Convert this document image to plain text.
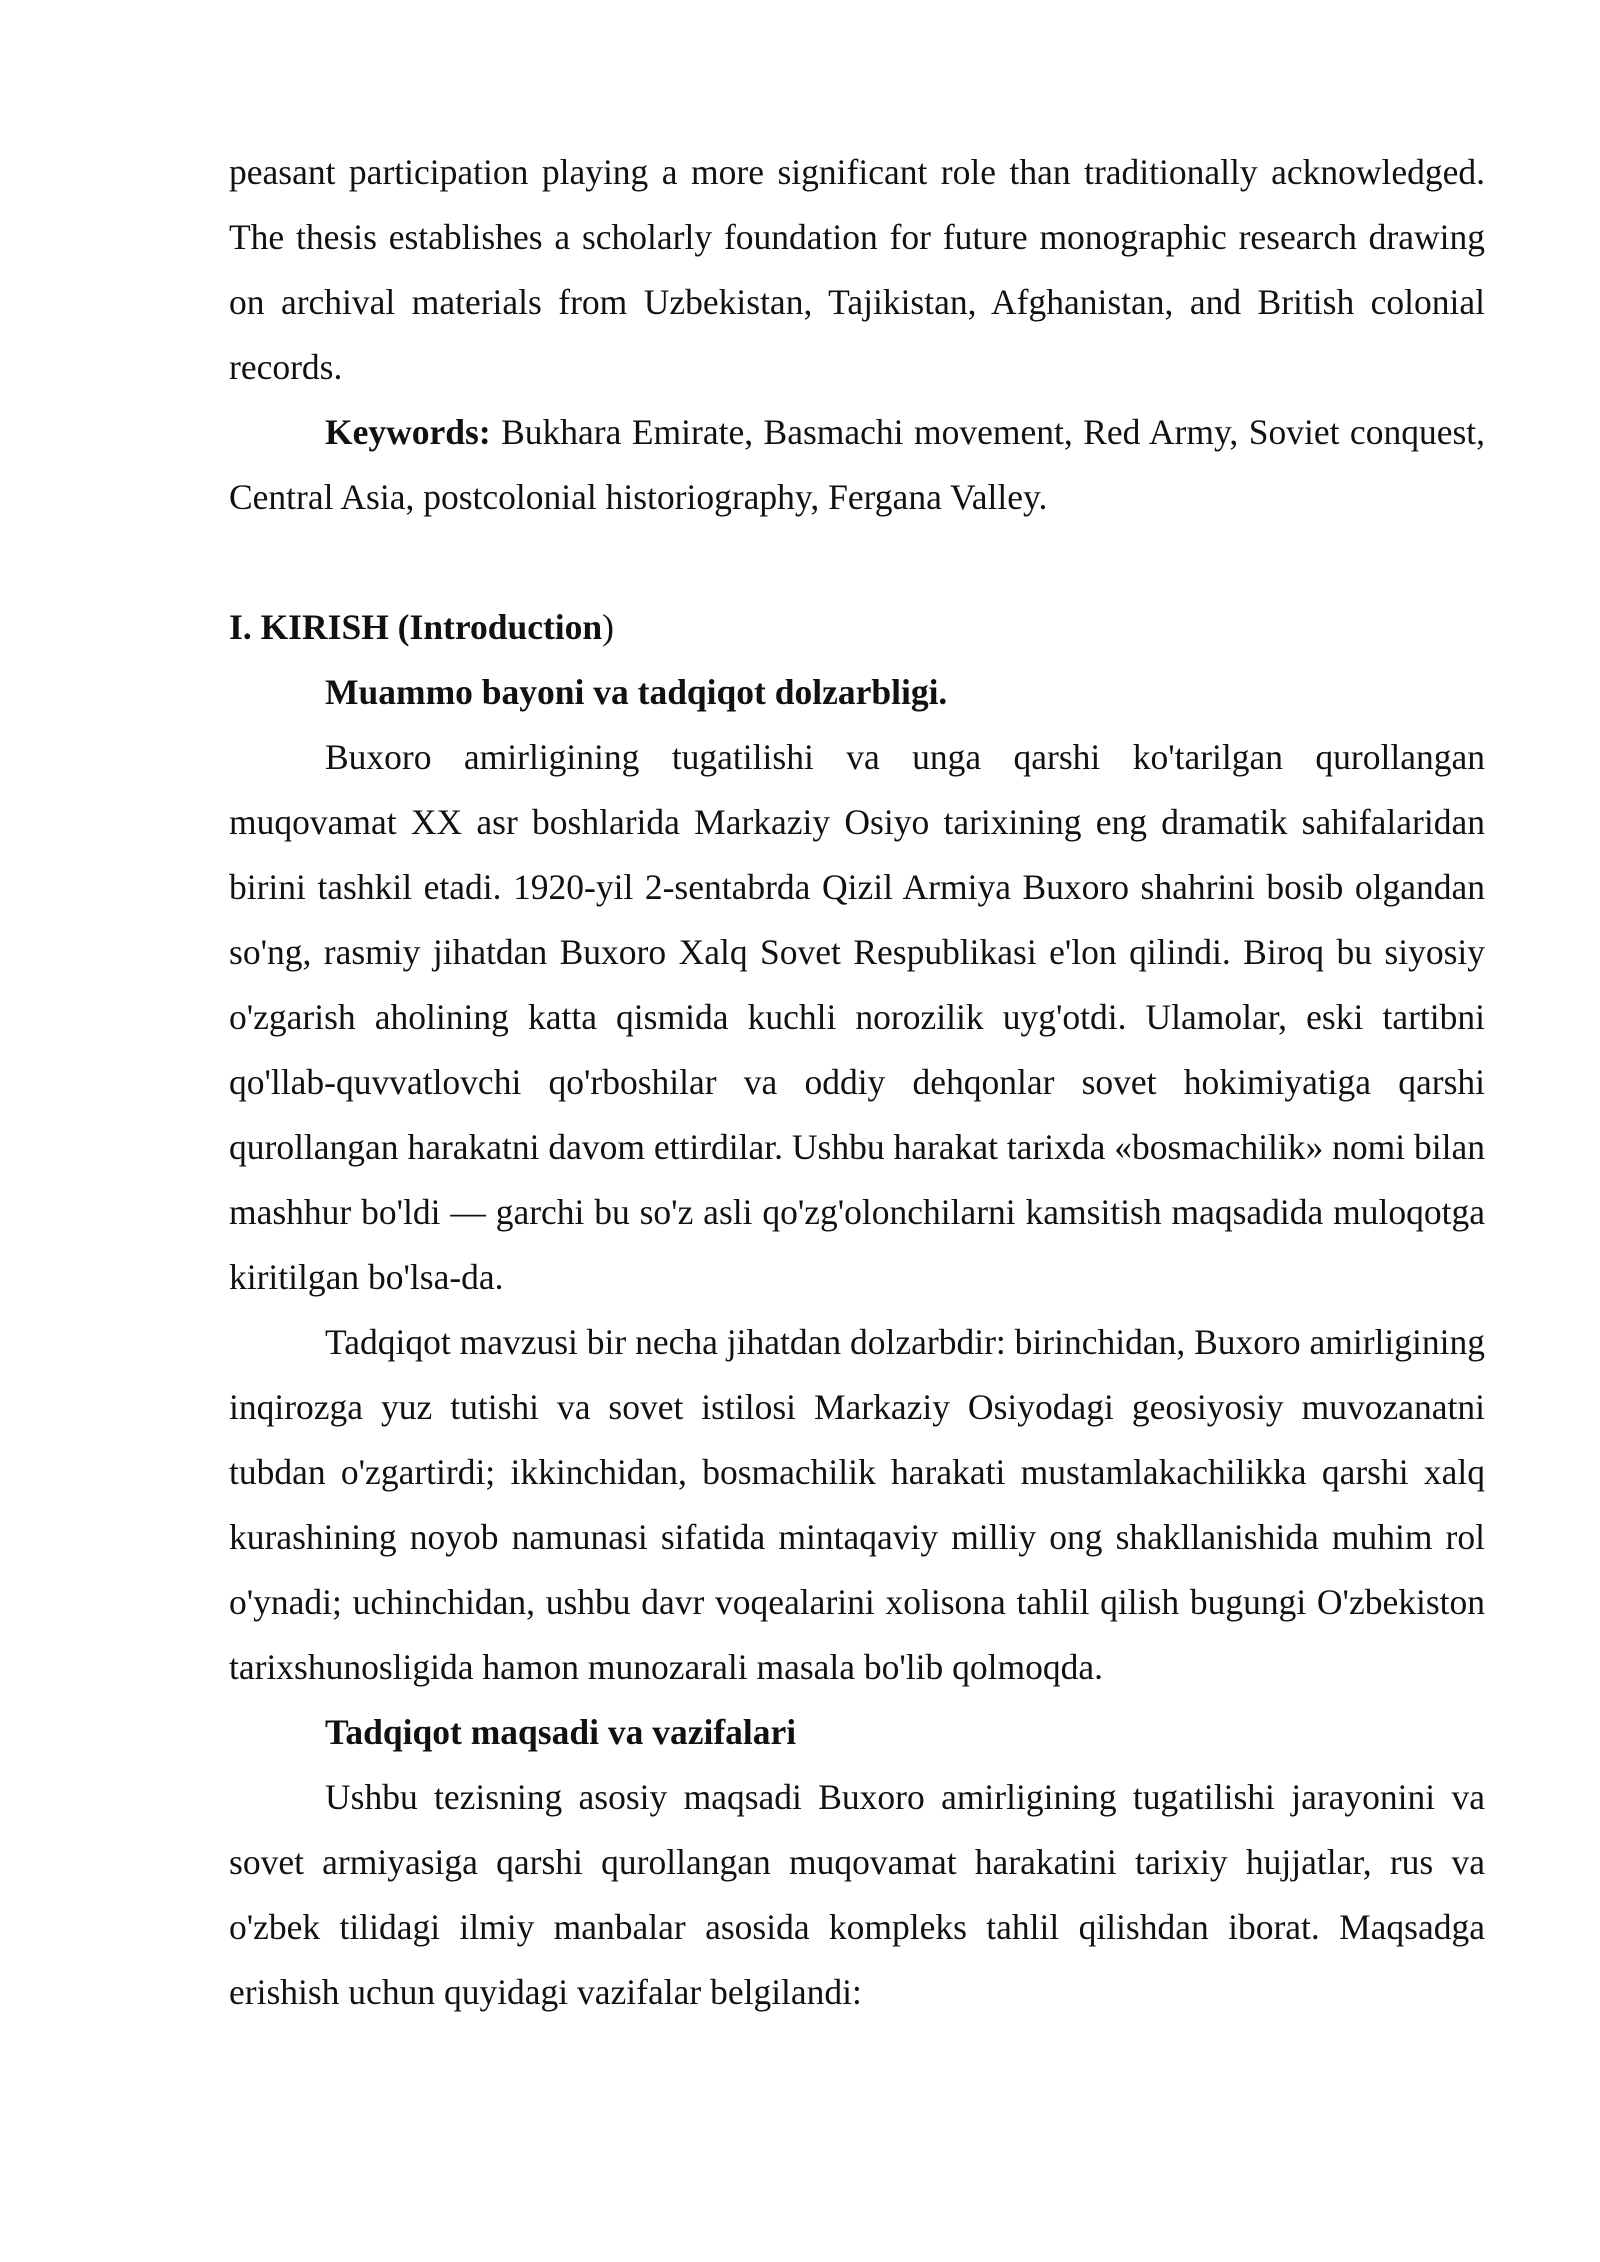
peasant participation playing a more significant role than traditionally acknowledged. The thesis establishes a scholarly foundation for future monographic research drawing on archival materials from Uzbekistan, Tajikistan, Afghanistan, and British colonial records.

Keywords: Bukhara Emirate, Basmachi movement, Red Army, Soviet conquest, Central Asia, postcolonial historiography, Fergana Valley.

I. KIRISH (Introduction)

Muammo bayoni va tadqiqot dolzarbligi.

Buxoro amirligining tugatilishi va unga qarshi ko'tarilgan qurollangan muqovamat XX asr boshlarida Markaziy Osiyo tarixining eng dramatik sahifalaridan birini tashkil etadi. 1920-yil 2-sentabrda Qizil Armiya Buxoro shahrini bosib olgandan so'ng, rasmiy jihatdan Buxoro Xalq Sovet Respublikasi e'lon qilindi. Biroq bu siyosiy o'zgarish aholining katta qismida kuchli norozilik uyg'otdi. Ulamolar, eski tartibni qo'llab-quvvatlovchi qo'rboshilar va oddiy dehqonlar sovet hokimiyatiga qarshi qurollangan harakatni davom ettirdilar. Ushbu harakat tarixda «bosmachilik» nomi bilan mashhur bo'ldi — garchi bu so'z asli qo'zg'olonchilarni kamsitish maqsadida muloqotga kiritilgan bo'lsa-da.

Tadqiqot mavzusi bir necha jihatdan dolzarbdir: birinchidan, Buxoro amirligining inqirozga yuz tutishi va sovet istilosi Markaziy Osiyodagi geosiyosiy muvozanatni tubdan o'zgartirdi; ikkinchidan, bosmachilik harakati mustamlakachilikka qarshi xalq kurashining noyob namunasi sifatida mintaqaviy milliy ong shakllanishida muhim rol o'ynadi; uchinchidan, ushbu davr voqealarini xolisona tahlil qilish bugungi O'zbekiston tarixshunosligida hamon munozarali masala bo'lib qolmoqda.

Tadqiqot maqsadi va vazifalari

Ushbu tezisning asosiy maqsadi Buxoro amirligining tugatilishi jarayonini va sovet armiyasiga qarshi qurollangan muqovamat harakatini tarixiy hujjatlar, rus va o'zbek tilidagi ilmiy manbalar asosida kompleks tahlil qilishdan iborat. Maqsadga erishish uchun quyidagi vazifalar belgilandi:
